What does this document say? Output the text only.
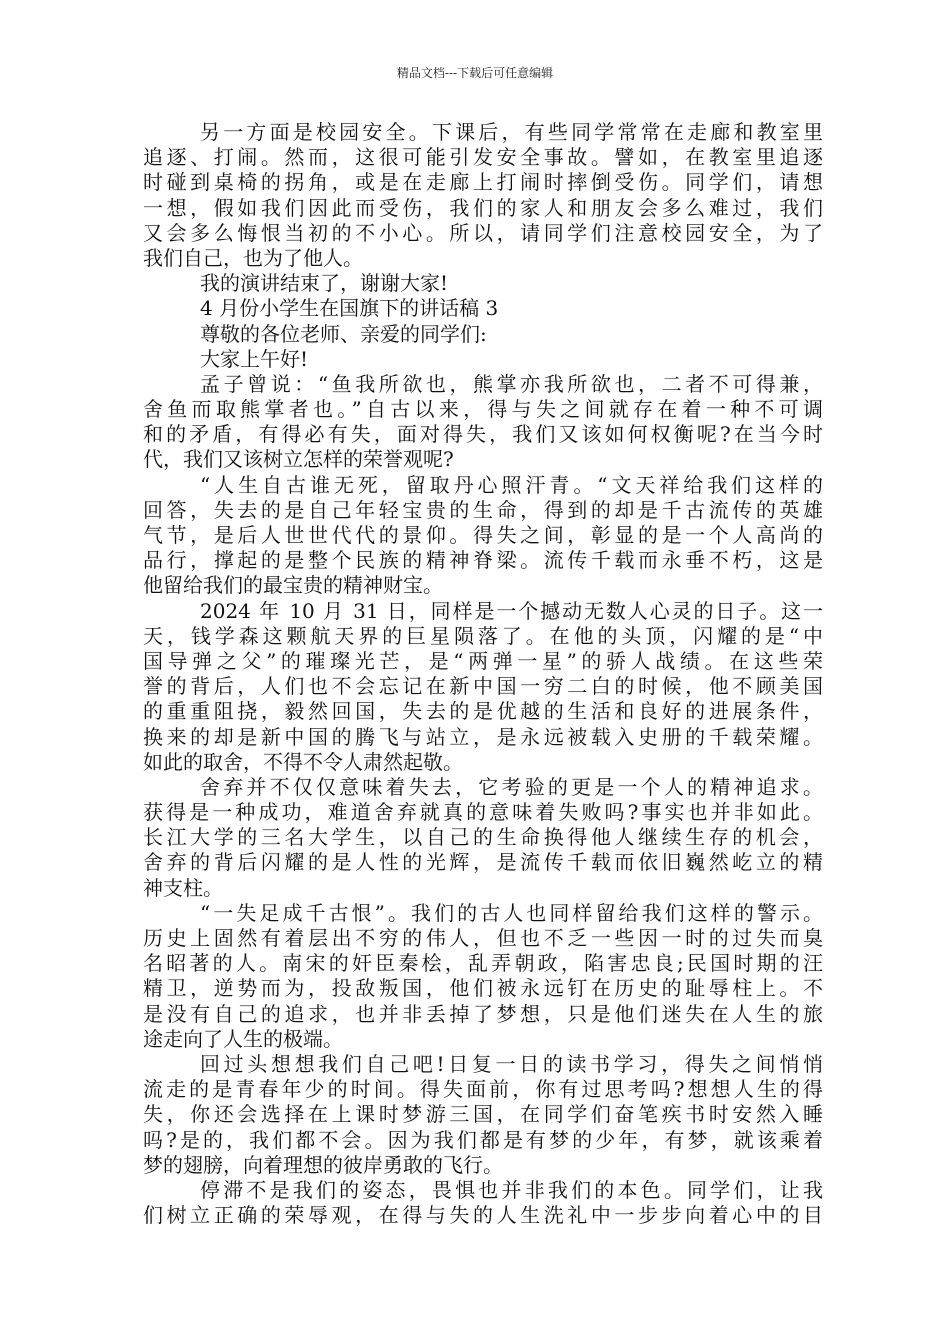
精品文档---下载后可任意编辑
另一方面是校园安全。下课后，有些同学常常在走廊和教室里
追逐、打闹。然而，这很可能引发安全事故。譬如，在教室里追逐
时碰到桌椅的拐角，或是在走廊上打闹时摔倒受伤。同学们，请想
一想，假如我们因此而受伤，我们的家人和朋友会多么难过，我们
又会多么悔恨当初的不小心。所以，请同学们注意校园安全，为了
我们自己，也为了他人。
我的演讲结束了，谢谢大家!
4 月份小学生在国旗下的讲话稿 3
尊敬的各位老师、亲爱的同学们:
大家上午好!
孟子曾说：“鱼我所欲也，熊掌亦我所欲也，二者不可得兼，
舍鱼而取熊掌者也。”自古以来，得与失之间就存在着一种不可调
和的矛盾，有得必有失，面对得失，我们又该如何权衡呢?在当今时
代，我们又该树立怎样的荣誉观呢?
“人生自古谁无死，留取丹心照汗青。“文天祥给我们这样的
回答，失去的是自己年轻宝贵的生命，得到的却是千古流传的英雄
气节，是后人世世代代的景仰。得失之间，彰显的是一个人高尚的
品行，撑起的是整个民族的精神脊梁。流传千载而永垂不朽，这是
他留给我们的最宝贵的精神财宝。
2024 年 10 月 31 日，同样是一个撼动无数人心灵的日子。这一
天，钱学森这颗航天界的巨星陨落了。在他的头顶，闪耀的是“中
国导弹之父”的璀璨光芒，是“两弹一星”的骄人战绩。在这些荣
誉的背后，人们也不会忘记在新中国一穷二白的时候，他不顾美国
的重重阻挠，毅然回国，失去的是优越的生活和良好的进展条件，
换来的却是新中国的腾飞与站立，是永远被载入史册的千载荣耀。
如此的取舍，不得不令人肃然起敬。
舍弃并不仅仅意味着失去，它考验的更是一个人的精神追求。
获得是一种成功，难道舍弃就真的意味着失败吗?事实也并非如此。
长江大学的三名大学生，以自己的生命换得他人继续生存的机会，
舍弃的背后闪耀的是人性的光辉，是流传千载而依旧巍然屹立的精
神支柱。
“一失足成千古恨”。我们的古人也同样留给我们这样的警示。
历史上固然有着层出不穷的伟人，但也不乏一些因一时的过失而臭
名昭著的人。南宋的奸臣秦桧，乱弄朝政，陷害忠良;民国时期的汪
精卫，逆势而为，投敌叛国，他们被永远钉在历史的耻辱柱上。不
是没有自己的追求，也并非丢掉了梦想，只是他们迷失在人生的旅
途走向了人生的极端。
回过头想想我们自己吧!日复一日的读书学习，得失之间悄悄
流走的是青春年少的时间。得失面前，你有过思考吗?想想人生的得
失，你还会选择在上课时梦游三国，在同学们奋笔疾书时安然入睡
吗?是的，我们都不会。因为我们都是有梦的少年，有梦，就该乘着
梦的翅膀，向着理想的彼岸勇敢的飞行。
停滞不是我们的姿态，畏惧也并非我们的本色。同学们，让我
们树立正确的荣辱观，在得与失的人生洗礼中一步步向着心中的目
